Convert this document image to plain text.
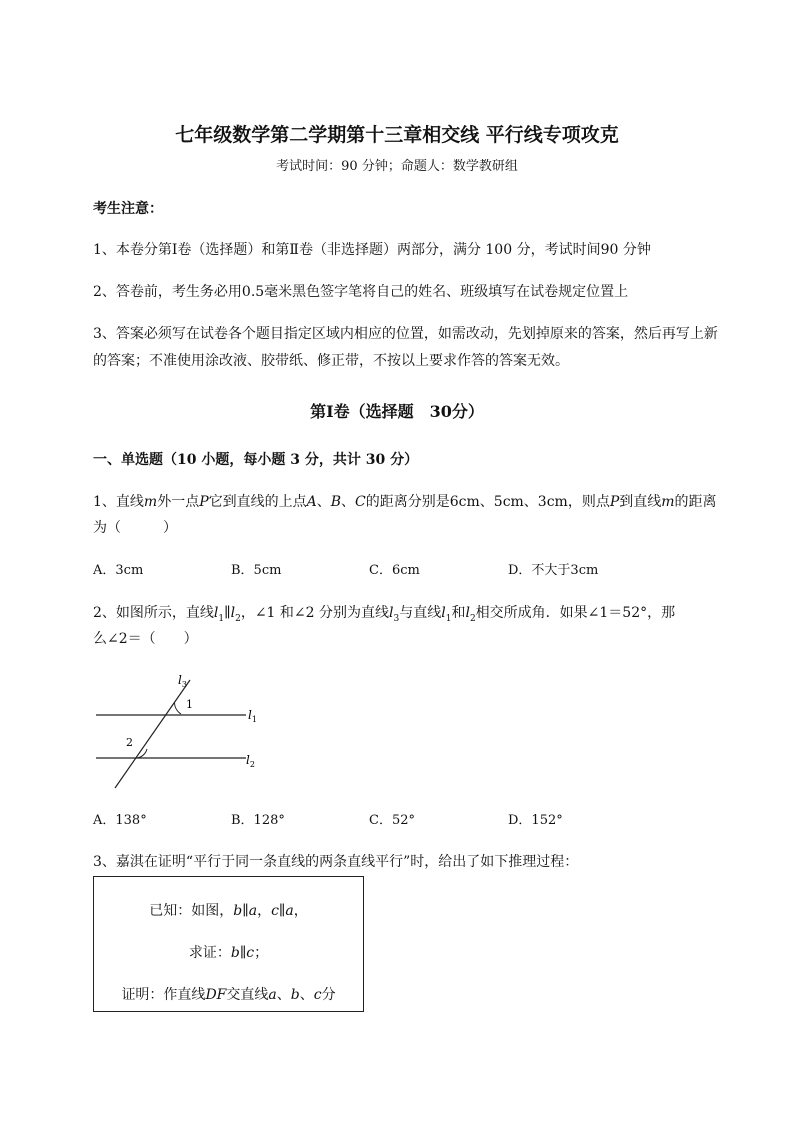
七年级数学第二学期第十三章相交线 平行线专项攻克
考试时间：90 分钟；命题人：数学教研组
考生注意：
1、本卷分第Ⅰ卷（选择题）和第Ⅱ卷（非选择题）两部分，满分 100 分，考试时间90 分钟
2、答卷前，考生务必用0.5毫米黑色签字笔将自己的姓名、班级填写在试卷规定位置上
3、答案必须写在试卷各个题目指定区域内相应的位置，如需改动，先划掉原来的答案，然后再写上新
的答案；不准使用涂改液、胶带纸、修正带，不按以上要求作答的答案无效。
第Ⅰ卷（选择题　30分）
一、单选题（10 小题，每小题 3 分，共计 30 分）
1、直线m外一点P它到直线的上点A、B、C的距离分别是6cm、5cm、3cm，则点P到直线m的距离
为（　　　）
A．3cm	B．5cm	C．6cm	D．不大于3cm
2、如图所示，直线$l_1\parallel l_2$，∠1 和∠2 分别为直线$l_3$与直线$l_1$和$l_2$相交所成角．如果∠1＝52°，那
么∠2＝（　　）
$l_3$
1
2
$l_1$
$l_2$
A．138°	B．128°	C．52°	D．152°
3、嘉淇在证明“平行于同一条直线的两条直线平行”时，给出了如下推理过程：
已知：如图，b∥a，c∥a，
求证：b∥c；
证明：作直线DF交直线a、b、c分
